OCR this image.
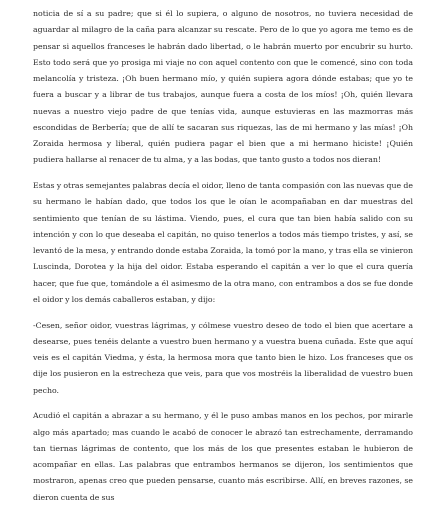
noticia de sí a su padre; que si él lo supiera, o alguno de nosotros, no tuviera necesidad de aguardar al milagro de la caña para alcanzar su rescate. Pero de lo que yo agora me temo es de pensar si aquellos franceses le habrán dado libertad, o le habrán muerto por encubrir su hurto. Esto todo será que yo prosiga mi viaje no con aquel contento con que le comencé, sino con toda melancolía y tristeza. ¡Oh buen hermano mío, y quién supiera agora dónde estabas; que yo te fuera a buscar y a librar de tus trabajos, aunque fuera a costa de los míos! ¡Oh, quién llevara nuevas a nuestro viejo padre de que tenías vida, aunque estuvieras en las mazmorras más escondidas de Berbería; que de allí te sacaran sus riquezas, las de mi hermano y las mías! ¡Oh Zoraida hermosa y liberal, quién pudiera pagar el bien que a mi hermano hiciste! ¡Quién pudiera hallarse al renacer de tu alma, y a las bodas, que tanto gusto a todos nos dieran!

Estas y otras semejantes palabras decía el oidor, lleno de tanta compasión con las nuevas que de su hermano le habían dado, que todos los que le oían le acompañaban en dar muestras del sentimiento que tenían de su lástima. Viendo, pues, el cura que tan bien había salido con su intención y con lo que deseaba el capitán, no quiso tenerlos a todos más tiempo tristes, y así, se levantó de la mesa, y entrando donde estaba Zoraida, la tomó por la mano, y tras ella se vinieron Luscinda, Dorotea y la hija del oidor. Estaba esperando el capitán a ver lo que el cura quería hacer, que fue que, tomándole a él asimesmo de la otra mano, con entrambos a dos se fue donde el oidor y los demás caballeros estaban, y dijo:

-Cesen, señor oidor, vuestras lágrimas, y cólmese vuestro deseo de todo el bien que acertare a desearse, pues tenéis delante a vuestro buen hermano y a vuestra buena cuñada. Este que aquí veis es el capitán Viedma, y ésta, la hermosa mora que tanto bien le hizo. Los franceses que os dije los pusieron en la estrecheza que veis, para que vos mostréis la liberalidad de vuestro buen pecho.

Acudió el capitán a abrazar a su hermano, y él le puso ambas manos en los pechos, por mirarle algo más apartado; mas cuando le acabó de conocer le abrazó tan estrechamente, derramando tan tiernas lágrimas de contento, que los más de los que presentes estaban le hubieron de acompañar en ellas. Las palabras que entrambos hermanos se dijeron, los sentimientos que mostraron, apenas creo que pueden pensarse, cuanto más escribirse. Allí, en breves razones, se dieron cuenta de sus
